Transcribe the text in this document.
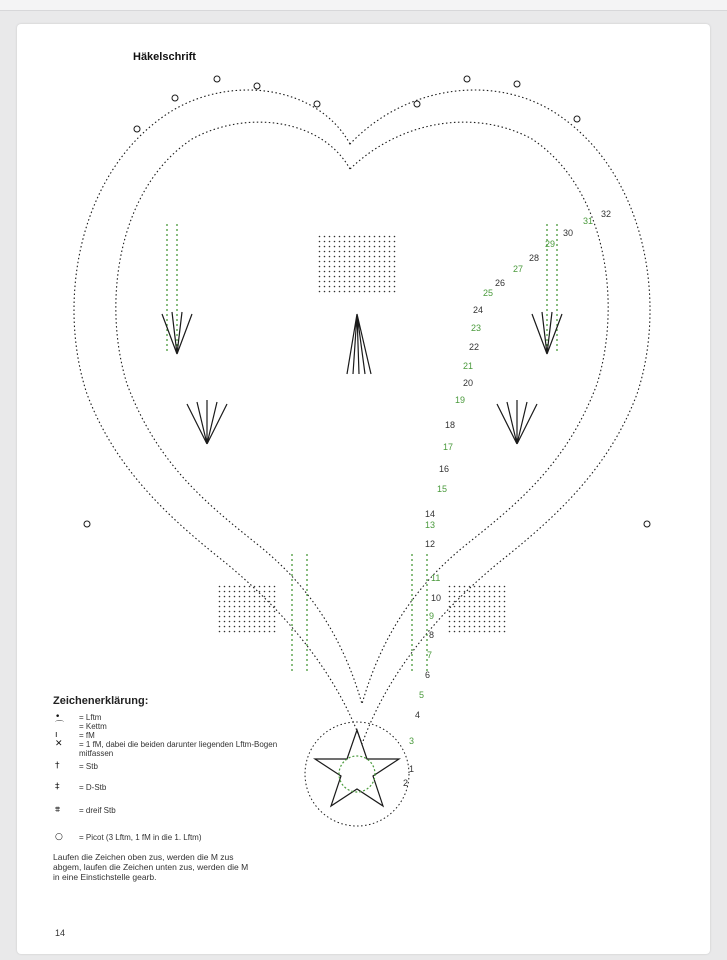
Häkelschrift
1
2
3
4
5
6
7
8
9
10
11
12
13
14
15
16
17
18
19
20
21
22
23
24
25
26
27
28
29
30
31
32
Zeichenerklärung:
•	= Lftm
⌒	= Kettm
ı	= fM
✕	= 1 fM, dabei die beiden darunter liegenden Lftm-Bogen mitfassen
†	= Stb
‡	= D-Stb
⩨	= dreif Stb
○	= Picot (3 Lftm, 1 fM in die 1. Lftm)
Laufen die Zeichen oben zus, werden die M zus abgem, laufen die Zeichen unten zus, werden die M in eine Einstichstelle gearb.
14
